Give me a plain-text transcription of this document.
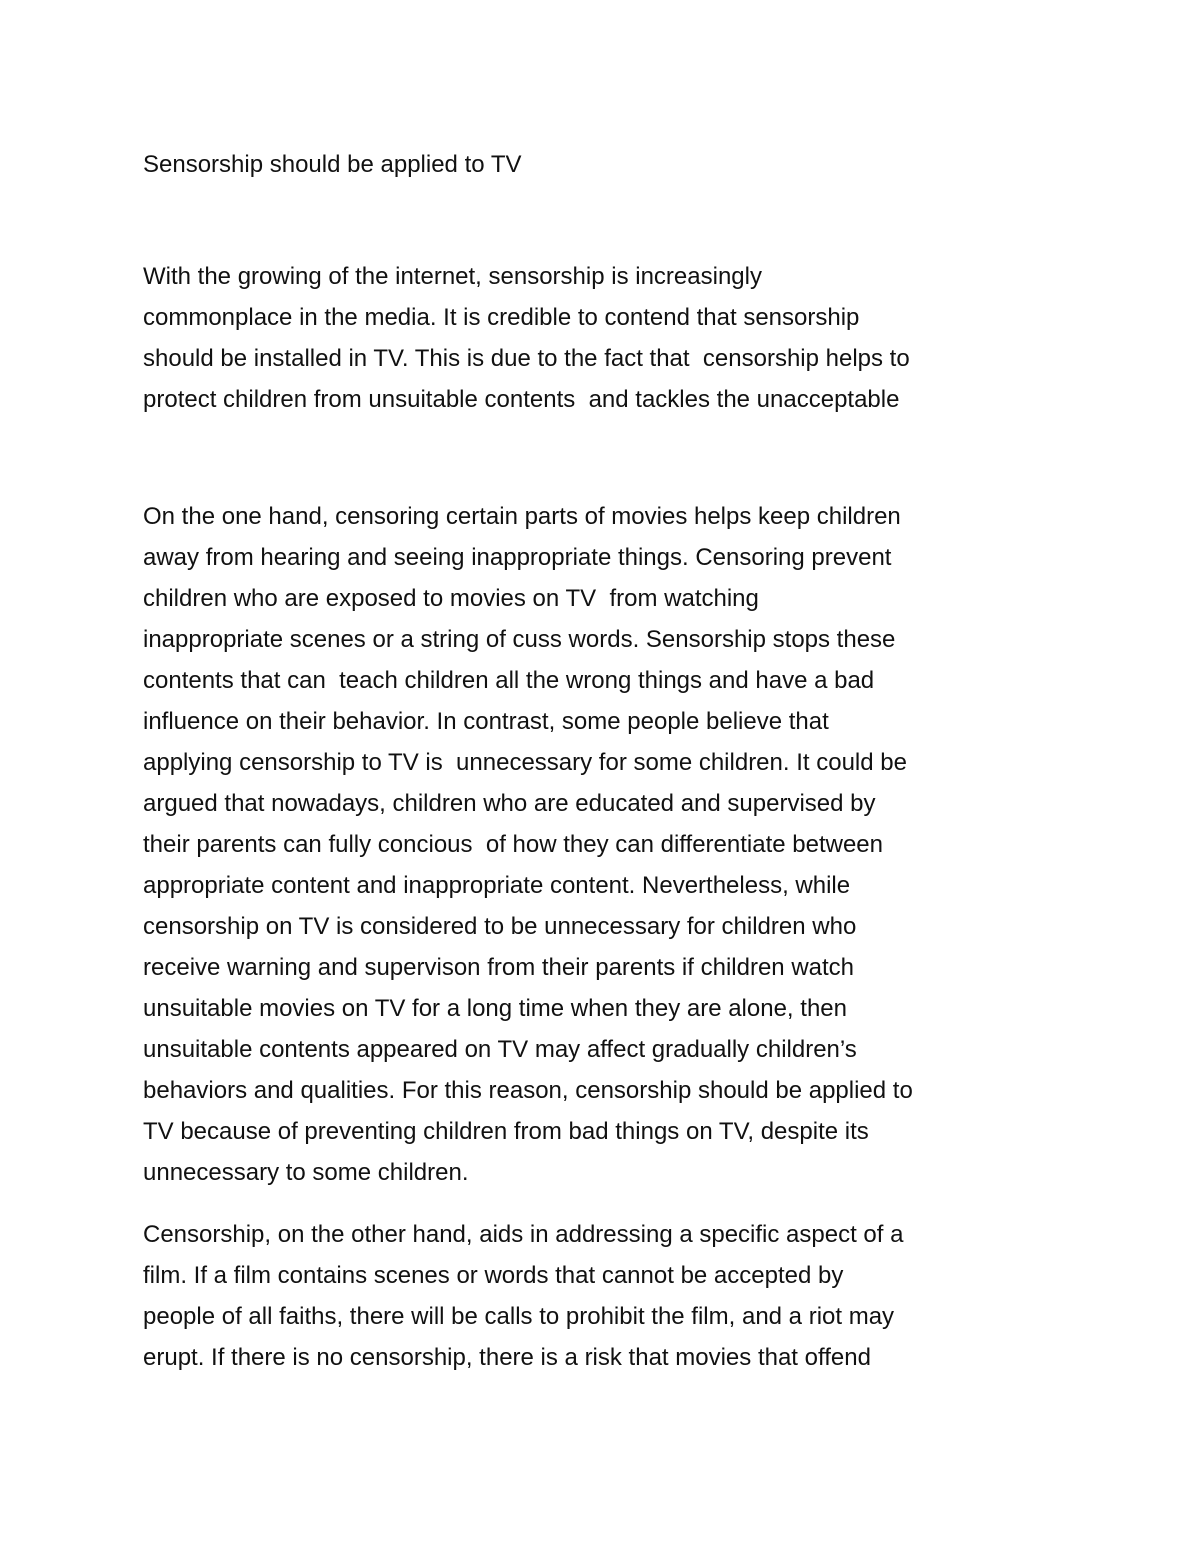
Sensorship should be applied to TV
With the growing of the internet, sensorship is increasingly
commonplace in the media. It is credible to contend that sensorship
should be installed in TV. This is due to the fact that  censorship helps to
protect children from unsuitable contents  and tackles the unacceptable
On the one hand, censoring certain parts of movies helps keep children
away from hearing and seeing inappropriate things. Censoring prevent
children who are exposed to movies on TV  from watching
inappropriate scenes or a string of cuss words. Sensorship stops these
contents that can  teach children all the wrong things and have a bad
influence on their behavior. In contrast, some people believe that
applying censorship to TV is  unnecessary for some children. It could be
argued that nowadays, children who are educated and supervised by
their parents can fully concious  of how they can differentiate between
appropriate content and inappropriate content. Nevertheless, while
censorship on TV is considered to be unnecessary for children who
receive warning and supervison from their parents if children watch
unsuitable movies on TV for a long time when they are alone, then
unsuitable contents appeared on TV may affect gradually children’s
behaviors and qualities. For this reason, censorship should be applied to
TV because of preventing children from bad things on TV, despite its
unnecessary to some children.
Censorship, on the other hand, aids in addressing a specific aspect of a
film. If a film contains scenes or words that cannot be accepted by
people of all faiths, there will be calls to prohibit the film, and a riot may
erupt. If there is no censorship, there is a risk that movies that offend
